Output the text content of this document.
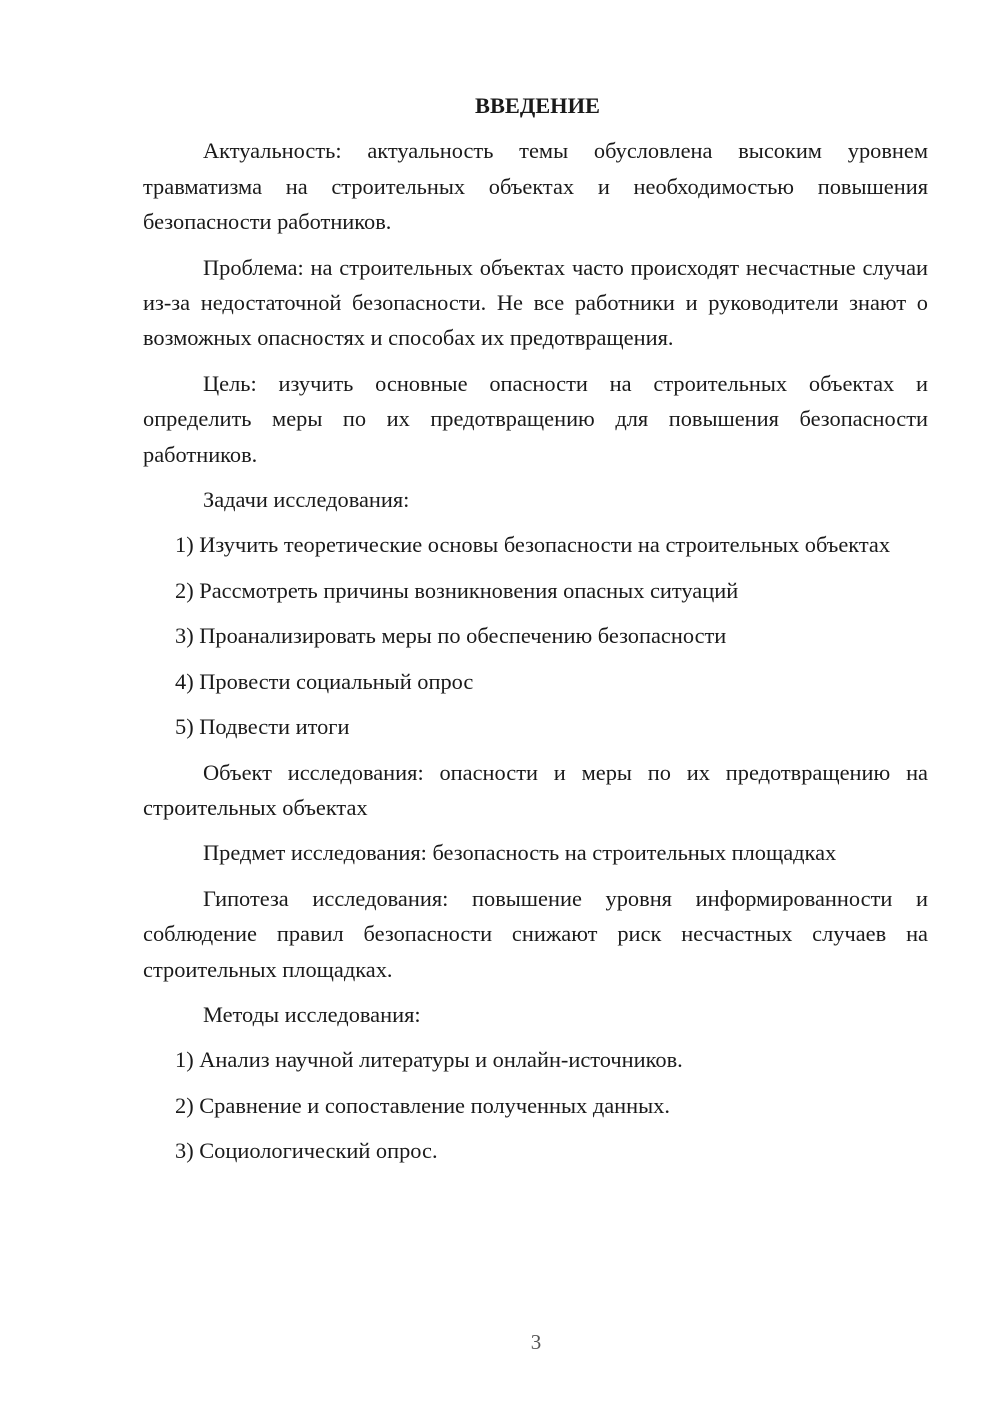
ВВЕДЕНИЕ

Актуальность: актуальность темы обусловлена высоким уровнем травматизма на строительных объектах и необходимостью повышения безопасности работников.

Проблема: на строительных объектах часто происходят несчастные случаи из-за недостаточной безопасности. Не все работники и руководители знают о возможных опасностях и способах их предотвращения.

Цель: изучить основные опасности на строительных объектах и определить меры по их предотвращению для повышения безопасности работников.

Задачи исследования:

1) Изучить теоретические основы безопасности на строительных объектах

2) Рассмотреть причины возникновения опасных ситуаций

3) Проанализировать меры по обеспечению безопасности

4) Провести социальный опрос

5) Подвести итоги

Объект исследования: опасности и меры по их предотвращению на строительных объектах

Предмет исследования: безопасность на строительных площадках

Гипотеза исследования: повышение уровня информированности и соблюдение правил безопасности снижают риск несчастных случаев на строительных площадках.

Методы исследования:

1) Анализ научной литературы и онлайн-источников.

2) Сравнение и сопоставление полученных данных.

3) Социологический опрос.

3
